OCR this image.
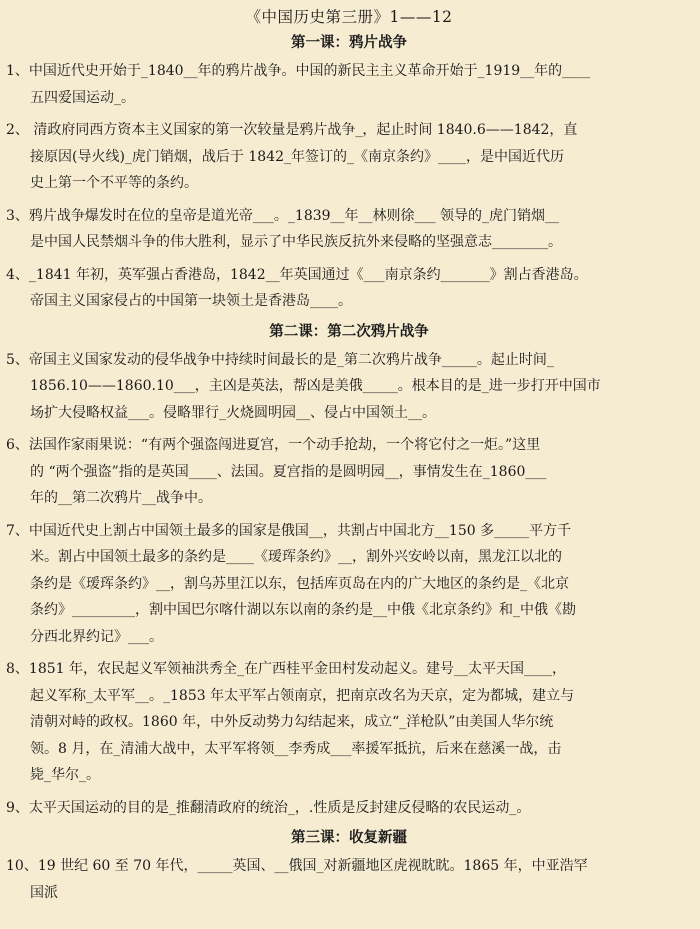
《中国历史第三册》1——12
第一课：鸦片战争

1、中国近代史开始于_1840__年的鸦片战争。中国的新民主主义革命开始于_1919__年的____

五四爱国运动_。

2、 清政府同西方资本主义国家的第一次较量是鸦片战争_，起止时间 1840.6——1842，直

接原因(导火线)_虎门销烟，战后于 1842_年签订的_《南京条约》____，是中国近代历

史上第一个不平等的条约。

3、鸦片战争爆发时在位的皇帝是道光帝___。_1839__年__林则徐___ 领导的_虎门销烟__

是中国人民禁烟斗争的伟大胜利，显示了中华民族反抗外来侵略的坚强意志________。

4、_1841 年初，英军强占香港岛，1842__年英国通过《___南京条约_______》割占香港岛。

帝国主义国家侵占的中国第一块领土是香港岛____。

第二课：第二次鸦片战争

5、帝国主义国家发动的侵华战争中持续时间最长的是_第二次鸦片战争_____。起止时间_

1856.10——1860.10___，主凶是英法，帮凶是美俄_____。根本目的是_进一步打开中国市

场扩大侵略权益___。侵略罪行_火烧圆明园__、侵占中国领土__。

6、法国作家雨果说：“有两个强盗闯进夏宫，一个动手抢劫，一个将它付之一炬。”这里

的 “两个强盗”指的是英国____、法国。夏宫指的是圆明园__，事情发生在_1860___

年的__第二次鸦片__战争中。

7、中国近代史上割占中国领土最多的国家是俄国__，共割占中国北方__150 多_____平方千

米。割占中国领土最多的条约是____《瑷珲条约》__，割外兴安岭以南，黑龙江以北的

条约是《瑷珲条约》__，割乌苏里江以东，包括库页岛在内的广大地区的条约是_《北京

条约》_________，割中国巴尔喀什湖以东以南的条约是__中俄《北京条约》和_中俄《勘

分西北界约记》___。

8、1851 年，农民起义军领袖洪秀全_在广西桂平金田村发动起义。建号__太平天国____，

起义军称_太平军__。_1853 年太平军占领南京，把南京改名为天京，定为都城，建立与

清朝对峙的政权。1860 年，中外反动势力勾结起来，成立“_洋枪队”由美国人华尔统

领。8 月，在_清浦大战中，太平军将领__李秀成___率援军抵抗，后来在慈溪一战，击

毙_华尔_。

9、太平天国运动的目的是_推翻清政府的统治_，.性质是反封建反侵略的农民运动_。

第三课：收复新疆

10、19 世纪 60 至 70 年代，_____英国、__俄国_对新疆地区虎视眈眈。1865 年，中亚浩罕

国派
